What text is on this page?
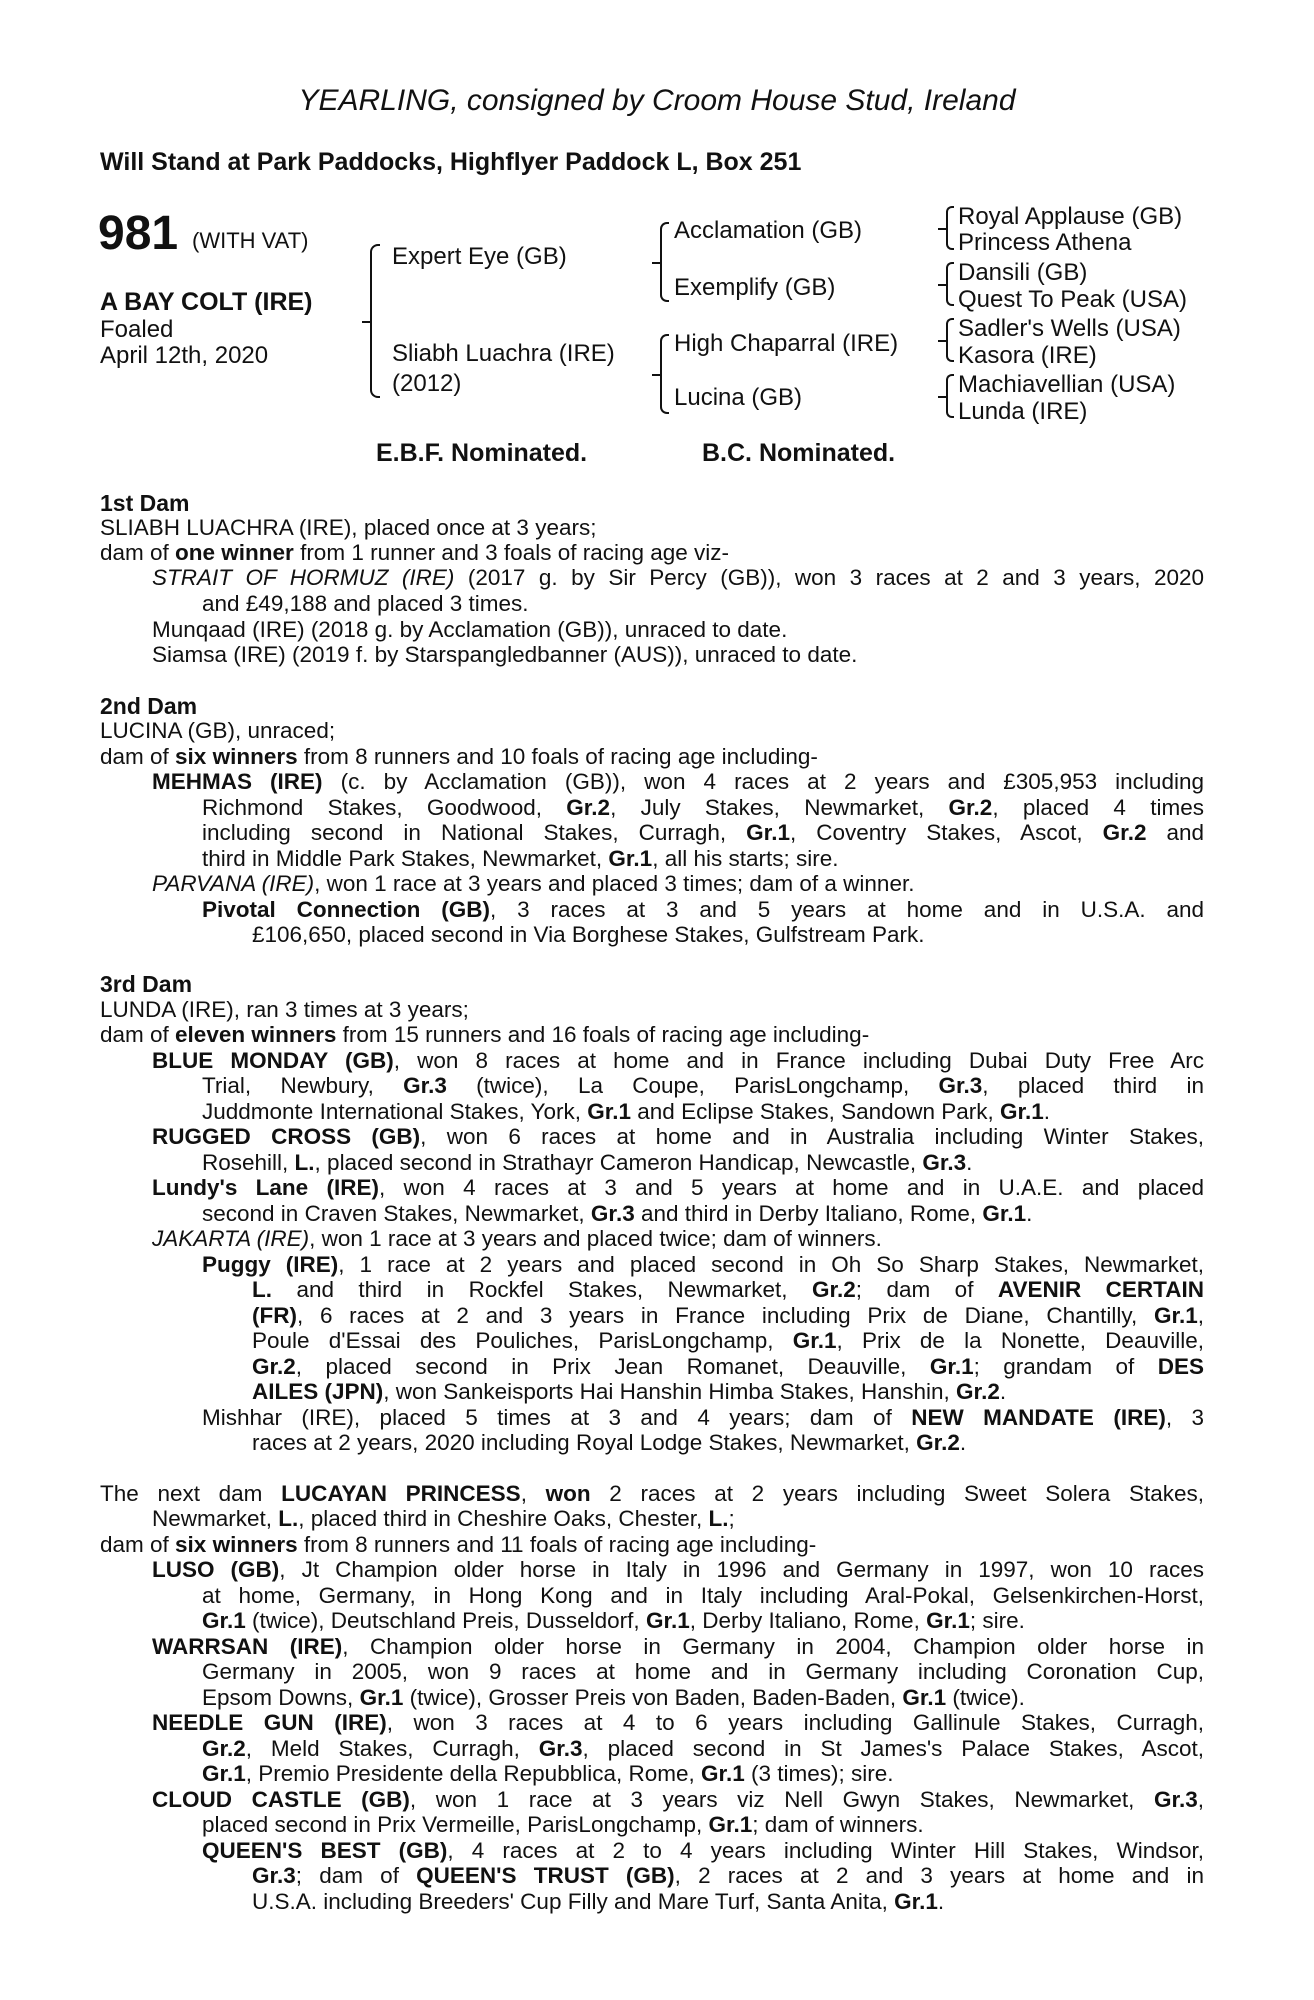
YEARLING, consigned by Croom House Stud, Ireland
Will Stand at Park Paddocks, Highflyer Paddock L, Box 251
981 (WITH VAT)
A BAY COLT (IRE)
Foaled
April 12th, 2020
Expert Eye (GB)
Sliabh Luachra (IRE)
(2012)
Acclamation (GB)
Exemplify (GB)
High Chaparral (IRE)
Lucina (GB)
Royal Applause (GB)
Princess Athena
Dansili (GB)
Quest To Peak (USA)
Sadler's Wells (USA)
Kasora (IRE)
Machiavellian (USA)
Lunda (IRE)
E.B.F. Nominated.	B.C. Nominated.
1st Dam
SLIABH LUACHRA (IRE), placed once at 3 years;
dam of one winner from 1 runner and 3 foals of racing age viz-
STRAIT OF HORMUZ (IRE) (2017 g. by Sir Percy (GB)), won 3 races at 2 and 3 years, 2020
and £49,188 and placed 3 times.
Munqaad (IRE) (2018 g. by Acclamation (GB)), unraced to date.
Siamsa (IRE) (2019 f. by Starspangledbanner (AUS)), unraced to date.
2nd Dam
LUCINA (GB), unraced;
dam of six winners from 8 runners and 10 foals of racing age including-
MEHMAS (IRE) (c. by Acclamation (GB)), won 4 races at 2 years and £305,953 including
Richmond Stakes, Goodwood, Gr.2, July Stakes, Newmarket, Gr.2, placed 4 times
including second in National Stakes, Curragh, Gr.1, Coventry Stakes, Ascot, Gr.2 and
third in Middle Park Stakes, Newmarket, Gr.1, all his starts; sire.
PARVANA (IRE), won 1 race at 3 years and placed 3 times; dam of a winner.
Pivotal Connection (GB), 3 races at 3 and 5 years at home and in U.S.A. and
£106,650, placed second in Via Borghese Stakes, Gulfstream Park.
3rd Dam
LUNDA (IRE), ran 3 times at 3 years;
dam of eleven winners from 15 runners and 16 foals of racing age including-
BLUE MONDAY (GB), won 8 races at home and in France including Dubai Duty Free Arc
Trial, Newbury, Gr.3 (twice), La Coupe, ParisLongchamp, Gr.3, placed third in
Juddmonte International Stakes, York, Gr.1 and Eclipse Stakes, Sandown Park, Gr.1.
RUGGED CROSS (GB), won 6 races at home and in Australia including Winter Stakes,
Rosehill, L., placed second in Strathayr Cameron Handicap, Newcastle, Gr.3.
Lundy's Lane (IRE), won 4 races at 3 and 5 years at home and in U.A.E. and placed
second in Craven Stakes, Newmarket, Gr.3 and third in Derby Italiano, Rome, Gr.1.
JAKARTA (IRE), won 1 race at 3 years and placed twice; dam of winners.
Puggy (IRE), 1 race at 2 years and placed second in Oh So Sharp Stakes, Newmarket,
L. and third in Rockfel Stakes, Newmarket, Gr.2; dam of AVENIR CERTAIN
(FR), 6 races at 2 and 3 years in France including Prix de Diane, Chantilly, Gr.1,
Poule d'Essai des Pouliches, ParisLongchamp, Gr.1, Prix de la Nonette, Deauville,
Gr.2, placed second in Prix Jean Romanet, Deauville, Gr.1; grandam of DES
AILES (JPN), won Sankeisports Hai Hanshin Himba Stakes, Hanshin, Gr.2.
Mishhar (IRE), placed 5 times at 3 and 4 years; dam of NEW MANDATE (IRE), 3
races at 2 years, 2020 including Royal Lodge Stakes, Newmarket, Gr.2.
The next dam LUCAYAN PRINCESS, won 2 races at 2 years including Sweet Solera Stakes,
Newmarket, L., placed third in Cheshire Oaks, Chester, L.;
dam of six winners from 8 runners and 11 foals of racing age including-
LUSO (GB), Jt Champion older horse in Italy in 1996 and Germany in 1997, won 10 races
at home, Germany, in Hong Kong and in Italy including Aral-Pokal, Gelsenkirchen-Horst,
Gr.1 (twice), Deutschland Preis, Dusseldorf, Gr.1, Derby Italiano, Rome, Gr.1; sire.
WARRSAN (IRE), Champion older horse in Germany in 2004, Champion older horse in
Germany in 2005, won 9 races at home and in Germany including Coronation Cup,
Epsom Downs, Gr.1 (twice), Grosser Preis von Baden, Baden-Baden, Gr.1 (twice).
NEEDLE GUN (IRE), won 3 races at 4 to 6 years including Gallinule Stakes, Curragh,
Gr.2, Meld Stakes, Curragh, Gr.3, placed second in St James's Palace Stakes, Ascot,
Gr.1, Premio Presidente della Repubblica, Rome, Gr.1 (3 times); sire.
CLOUD CASTLE (GB), won 1 race at 3 years viz Nell Gwyn Stakes, Newmarket, Gr.3,
placed second in Prix Vermeille, ParisLongchamp, Gr.1; dam of winners.
QUEEN'S BEST (GB), 4 races at 2 to 4 years including Winter Hill Stakes, Windsor,
Gr.3; dam of QUEEN'S TRUST (GB), 2 races at 2 and 3 years at home and in
U.S.A. including Breeders' Cup Filly and Mare Turf, Santa Anita, Gr.1.
